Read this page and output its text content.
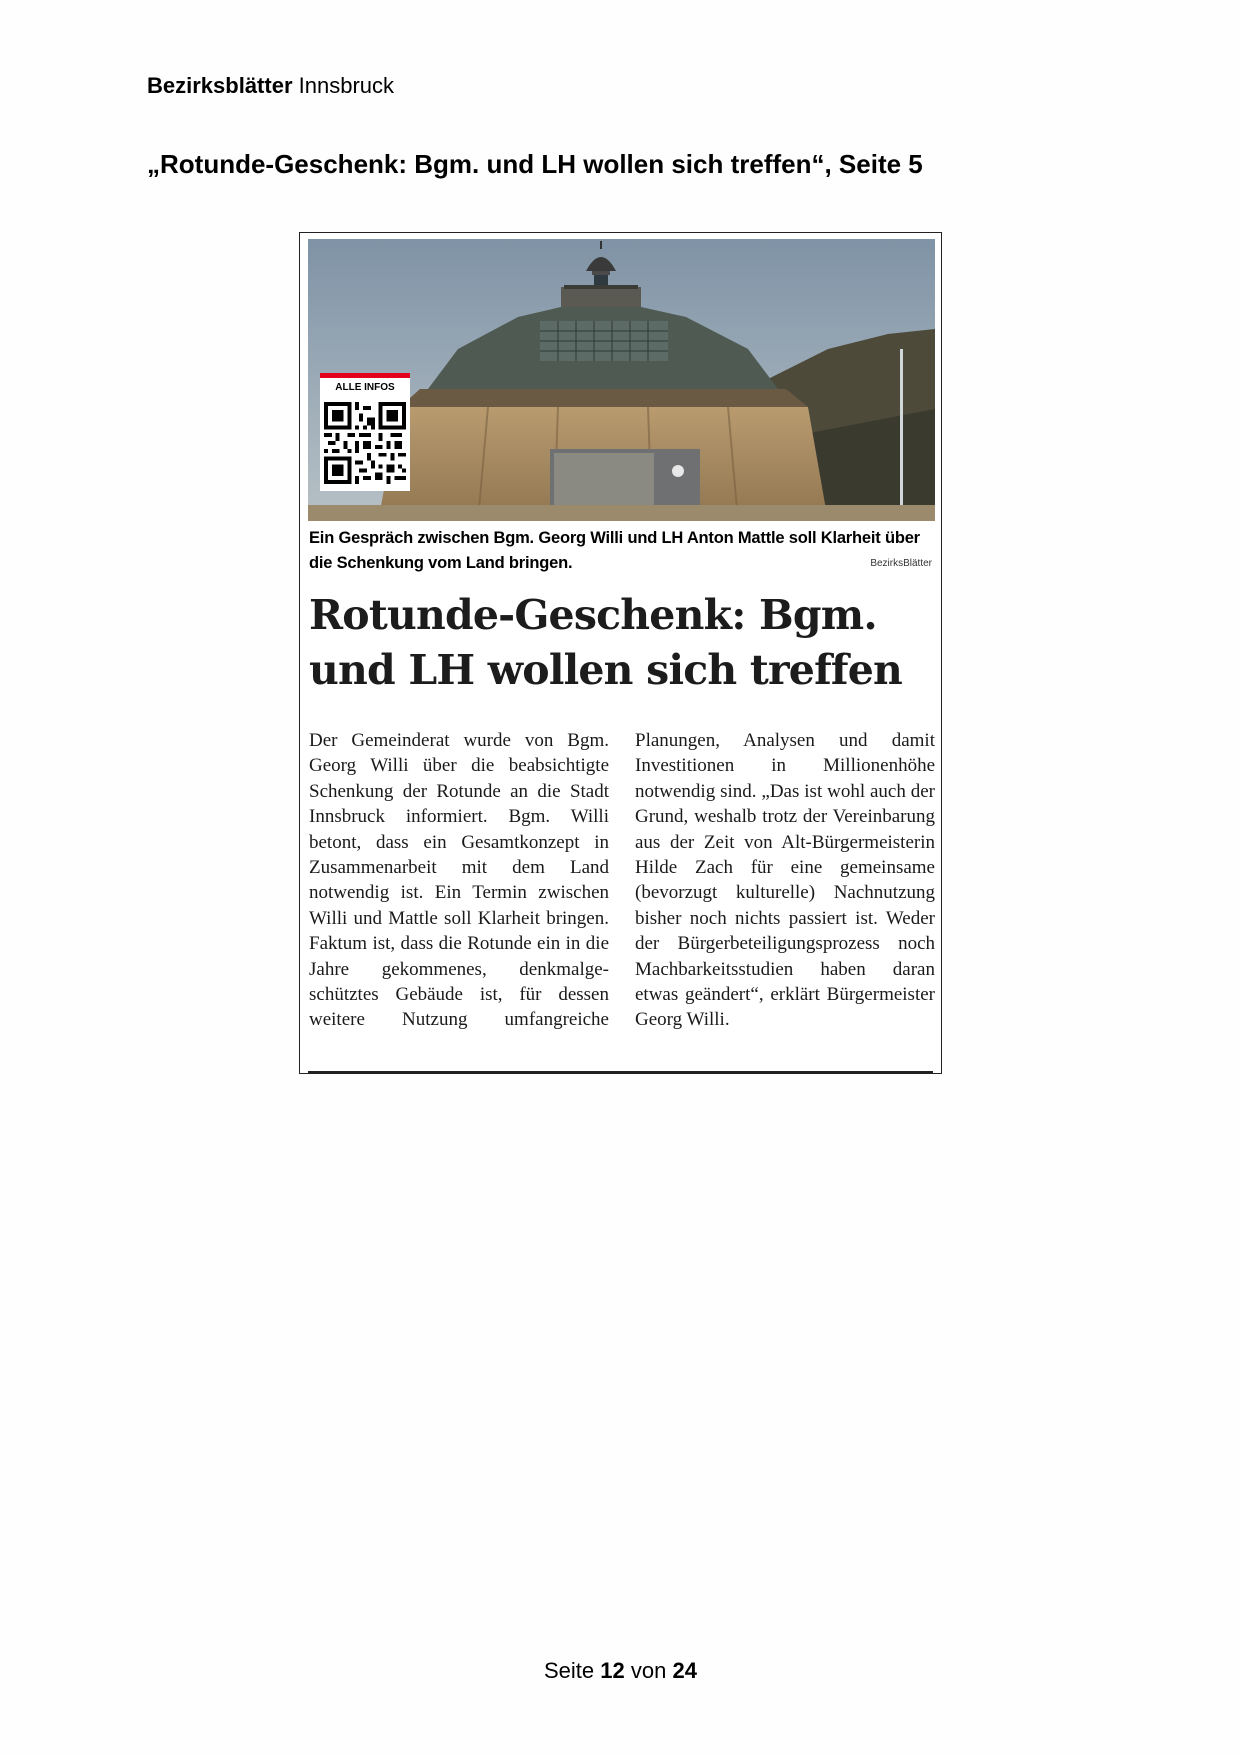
Bezirksblätter Innsbruck
„Rotunde-Geschenk: Bgm. und LH wollen sich treffen“, Seite 5
ALLE INFOS
Ein Gespräch zwischen Bgm. Georg Willi und LH Anton Mattle soll Klarheit über die Schenkung vom Land bringen.	BezirksBlätter
Rotunde-Geschenk: Bgm. und LH wollen sich treffen

Der Gemeinderat wurde von Bgm. Georg Willi über die beabsichtigte Schenkung der Rotunde an die Stadt Innsbruck informiert. Bgm. Willi betont, dass ein Gesamtkonzept in Zusammenarbeit mit dem Land notwendig ist. Ein Termin zwischen Willi und Mattle soll Klarheit bringen. Faktum ist, dass die Rotunde ein in die Jahre gekommenes, denkmalgeschütztes Gebäude ist, für dessen weitere Nutzung umfangreiche Planungen, Analysen und damit Investitionen in Millionenhöhe notwendig sind. „Das ist wohl auch der Grund, weshalb trotz der Vereinbarung aus der Zeit von Alt-Bürgermeisterin Hilde Zach für eine gemeinsame (bevorzugt kulturelle) Nachnutzung bisher noch nichts passiert ist. Weder der Bürgerbeteiligungsprozess noch Machbarkeitsstudien haben daran etwas geändert“, erklärt Bürgermeister Georg Willi.

Seite 12 von 24
